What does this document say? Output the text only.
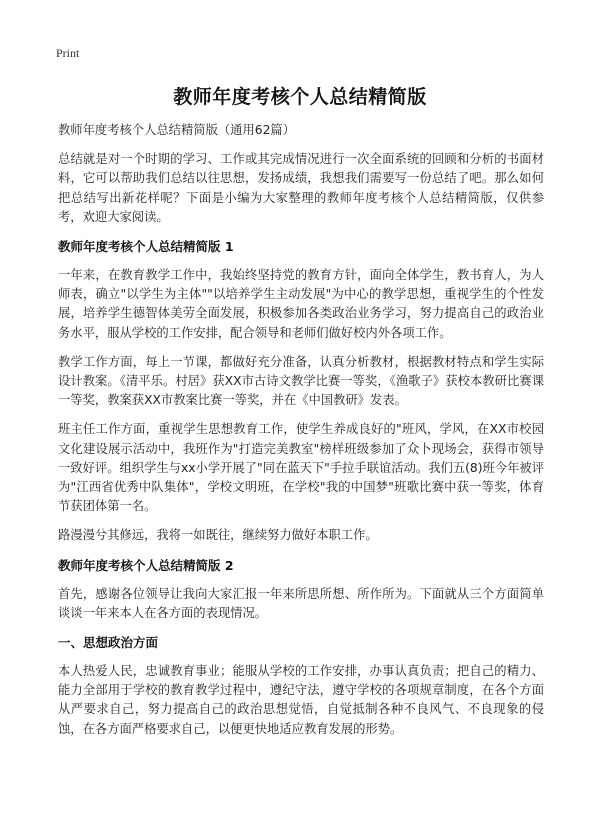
Print
教师年度考核个人总结精简版

教师年度考核个人总结精简版（通用62篇）

总结就是对一个时期的学习、工作或其完成情况进行一次全面系统的回顾和分析的书面材料，它可以帮助我们总结以往思想，发扬成绩，我想我们需要写一份总结了吧。那么如何把总结写出新花样呢？下面是小编为大家整理的教师年度考核个人总结精简版，仅供参考，欢迎大家阅读。

教师年度考核个人总结精简版 1

一年来，在教育教学工作中，我始终坚持党的教育方针，面向全体学生，教书育人，为人师表，确立"以学生为主体""以培养学生主动发展"为中心的教学思想，重视学生的个性发展，培养学生德智体美劳全面发展，积极参加各类政治业务学习，努力提高自己的政治业务水平，服从学校的工作安排，配合领导和老师们做好校内外各项工作。

教学工作方面，每上一节课，都做好充分准备，认真分析教材，根据教材特点和学生实际设计教案。《清平乐。村居》获XX市古诗文教学比赛一等奖，《渔歌子》获校本教研比赛课一等奖，教案获XX市教案比赛一等奖，并在《中国教研》发表。

班主任工作方面，重视学生思想教育工作，使学生养成良好的"班风，学风，在XX市校园文化建设展示活动中，我班作为"打造完美教室"榜样班级参加了众卜现场会，获得市领导一致好评。组织学生与xx小学开展了"同在蓝天下"手拉手联谊活动。我们五(8)班今年被评为"江西省优秀中队集体"，学校文明班，在学校"我的中国梦"班歌比赛中获一等奖，体育节获团体第一名。

路漫漫兮其修远，我将一如既往，继续努力做好本职工作。

教师年度考核个人总结精简版 2

首先，感谢各位领导让我向大家汇报一年来所思所想、所作所为。下面就从三个方面简单谈谈一年来本人在各方面的表现情况。

一、思想政治方面

本人热爱人民，忠诚教育事业；能服从学校的工作安排，办事认真负责；把自己的精力、能力全部用于学校的教育教学过程中，遵纪守法，遵守学校的各项规章制度，在各个方面从严要求自己，努力提高自己的政治思想觉悟，自觉抵制各种不良风气、不良现象的侵蚀，在各方面严格要求自己，以便更快地适应教育发展的形势。
